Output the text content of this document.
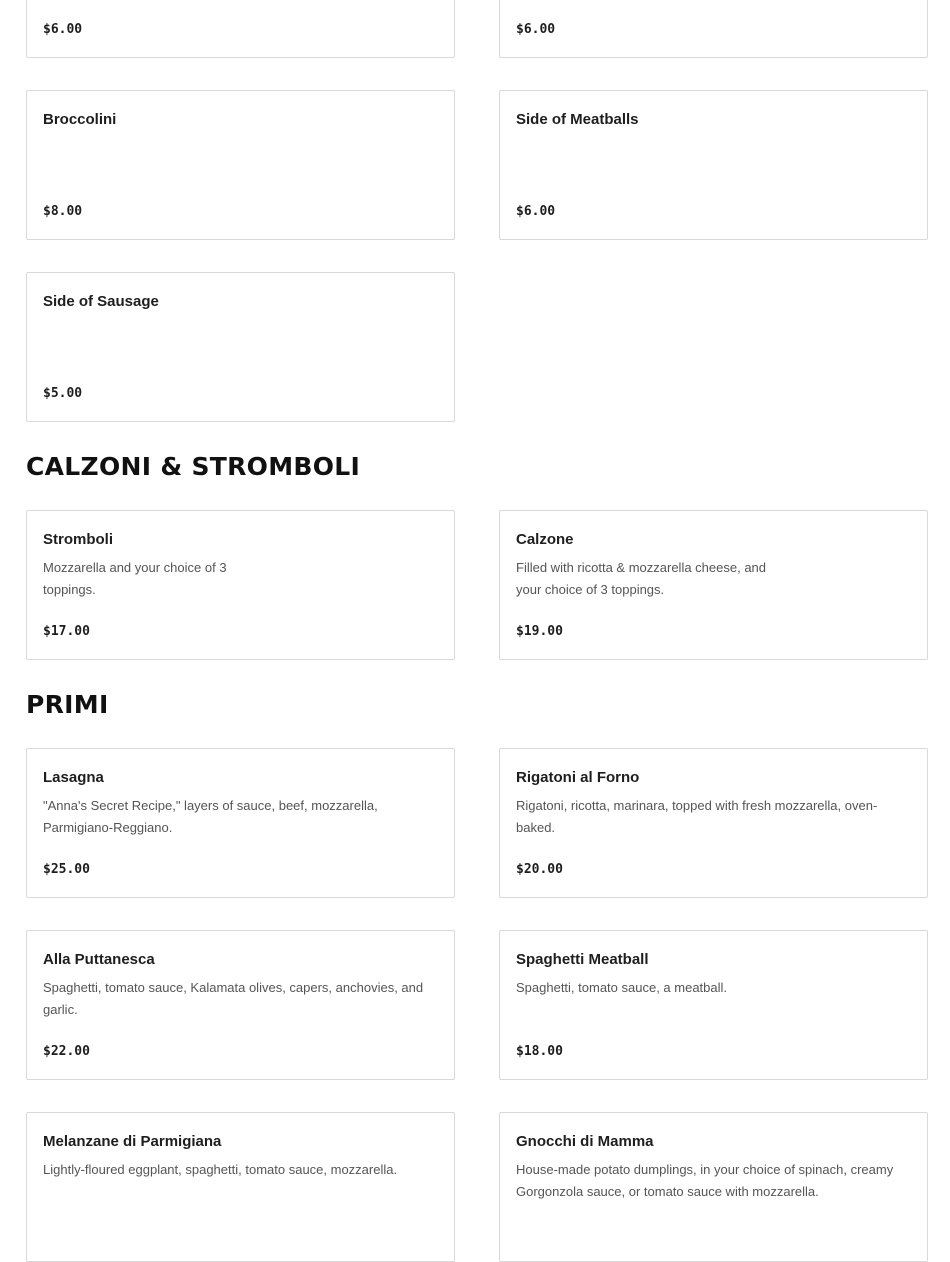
$6.00	$6.00
Broccolini
$8.00
Side of Meatballs
$6.00
Side of Sausage
$5.00
CALZONI & STROMBOLI
Stromboli
Mozzarella and your choice of 3 toppings.
$17.00
Calzone
Filled with ricotta & mozzarella cheese, and your choice of 3 toppings.
$19.00
PRIMI
Lasagna
"Anna's Secret Recipe," layers of sauce, beef, mozzarella, Parmigiano-Reggiano.
$25.00
Rigatoni al Forno
Rigatoni, ricotta, marinara, topped with fresh mozzarella, oven-baked.
$20.00
Alla Puttanesca
Spaghetti, tomato sauce, Kalamata olives, capers, anchovies, and garlic.
$22.00
Spaghetti Meatball
Spaghetti, tomato sauce, a meatball.
$18.00
Melanzane di Parmigiana
Lightly-floured eggplant, spaghetti, tomato sauce, mozzarella.
Gnocchi di Mamma
House-made potato dumplings, in your choice of spinach, creamy Gorgonzola sauce, or tomato sauce with mozzarella.
